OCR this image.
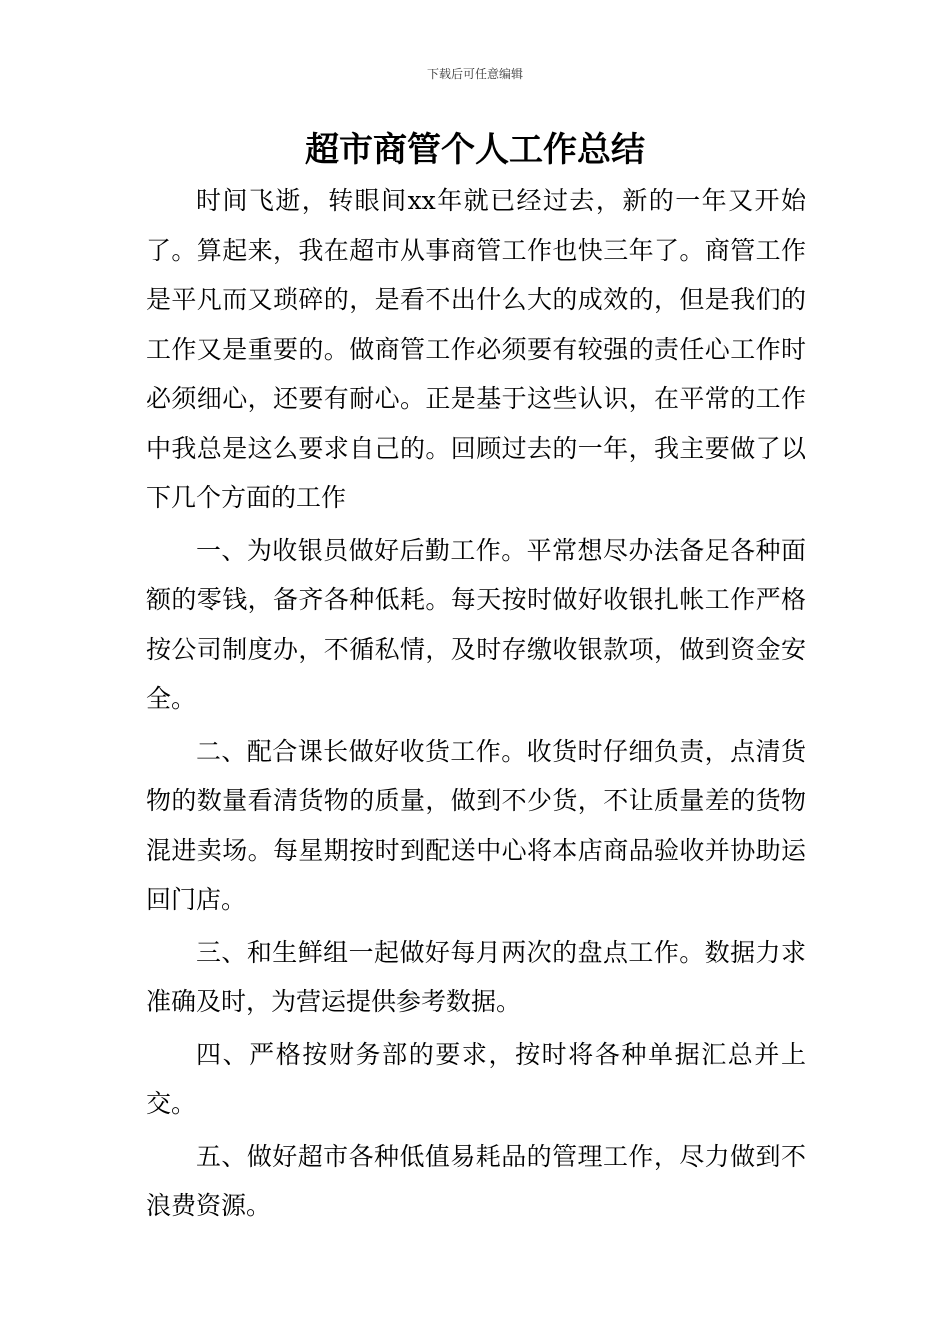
下载后可任意编辑
超市商管个人工作总结

时间飞逝，转眼间xx年就已经过去，新的一年又开始了。算起来，我在超市从事商管工作也快三年了。商管工作是平凡而又琐碎的，是看不出什么大的成效的，但是我们的工作又是重要的。做商管工作必须要有较强的责任心工作时必须细心，还要有耐心。正是基于这些认识，在平常的工作中我总是这么要求自己的。回顾过去的一年，我主要做了以下几个方面的工作

一、为收银员做好后勤工作。平常想尽办法备足各种面额的零钱，备齐各种低耗。每天按时做好收银扎帐工作严格按公司制度办，不循私情，及时存缴收银款项，做到资金安全。

二、配合课长做好收货工作。收货时仔细负责，点清货物的数量看清货物的质量，做到不少货，不让质量差的货物混进卖场。每星期按时到配送中心将本店商品验收并协助运回门店。

三、和生鲜组一起做好每月两次的盘点工作。数据力求准确及时，为营运提供参考数据。

四、严格按财务部的要求，按时将各种单据汇总并上交。

五、做好超市各种低值易耗品的管理工作，尽力做到不浪费资源。
